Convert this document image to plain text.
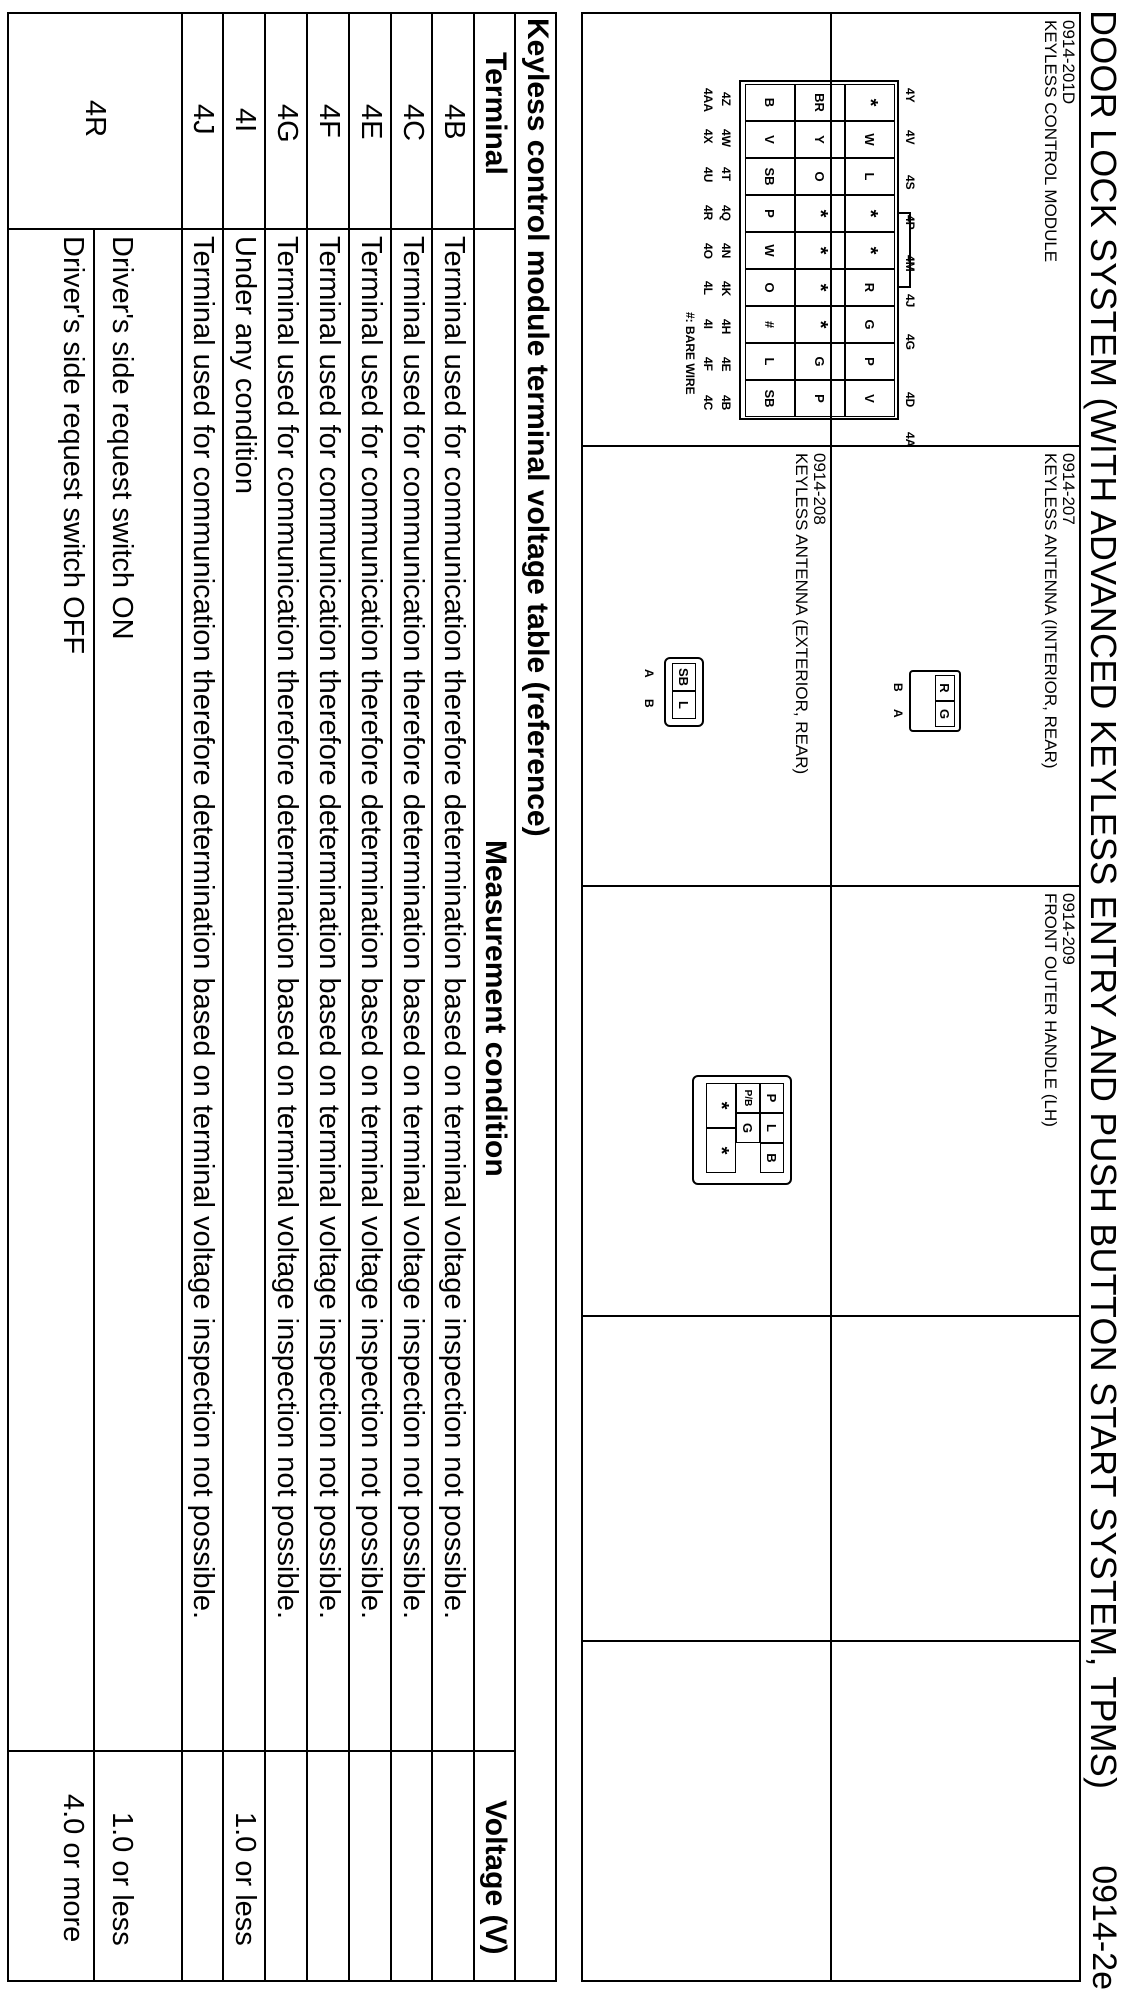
DOOR LOCK SYSTEM (WITH ADVANCED KEYLESS ENTRY AND PUSH BUTTON START SYSTEM, TPMS)
0914-2e
0914-201D
KEYLESS CONTROL MODULE
4Y
4V
4S
4P
4M
4J
4G
4D
4A
4Z
4W
4T
4Q
4N
4K
4H
4E
4B
4AA
4X
4U
4R
4O
4L
4I
4F
4C
#: BARE WIRE
*
W
L
*
*
R
G
P
V
BR
Y
O
*
*
*
*
G
P
B
V
SB
P
W
O
#
L
SB
0914-207
KEYLESS ANTENNA (INTERIOR, REAR)
R
G
B
A
0914-208
KEYLESS ANTENNA (EXTERIOR, REAR)
SB
L
A
B
0914-209
FRONT OUTER HANDLE (LH)
P
L
B
P/B
G
*
*
Keyless control module terminal voltage table (reference)
Terminal
Measurement condition
Voltage (V)
4B
Terminal used for communication therefore determination based on terminal voltage inspection not possible.
4C
Terminal used for communication therefore determination based on terminal voltage inspection not possible.
4E
Terminal used for communication therefore determination based on terminal voltage inspection not possible.
4F
Terminal used for communication therefore determination based on terminal voltage inspection not possible.
4G
Terminal used for communication therefore determination based on terminal voltage inspection not possible.
4I
Under any condition
1.0 or less
4J
Terminal used for communication therefore determination based on terminal voltage inspection not possible.
4R
Driver's side request switch ON
1.0 or less
Driver's side request switch OFF
4.0 or more
